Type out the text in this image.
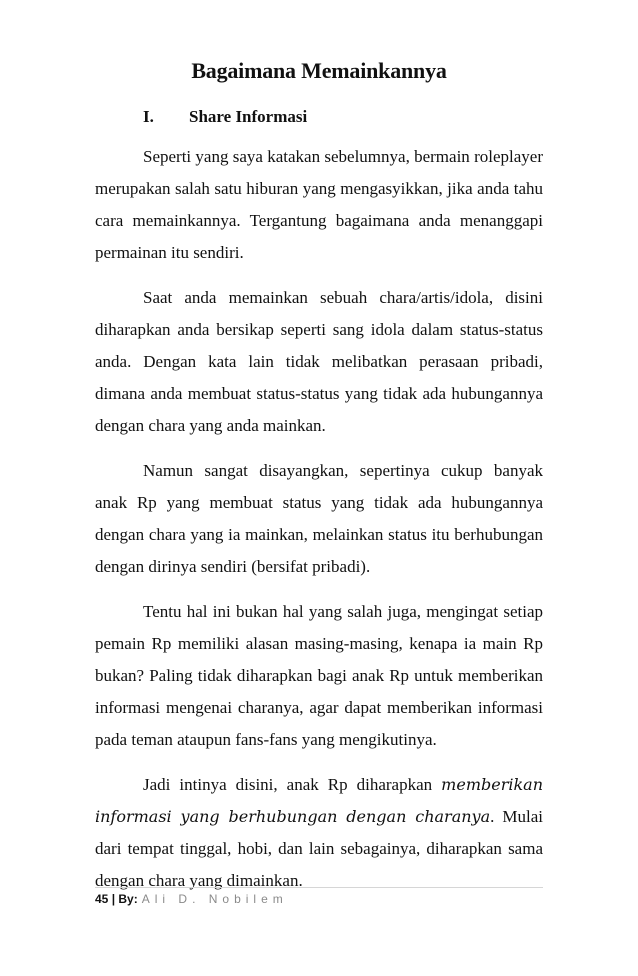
Bagaimana Memainkannya
I. Share Informasi

Seperti yang saya katakan sebelumnya, bermain roleplayer merupakan salah satu hiburan yang mengasyikkan, jika anda tahu cara memainkannya. Tergantung bagaimana anda menanggapi permainan itu sendiri.

Saat anda memainkan sebuah chara/artis/idola, disini diharapkan anda bersikap seperti sang idola dalam status-status anda. Dengan kata lain tidak melibatkan perasaan pribadi, dimana anda membuat status-status yang tidak ada hubungannya dengan chara yang anda mainkan.

Namun sangat disayangkan, sepertinya cukup banyak anak Rp yang membuat status yang tidak ada hubungannya dengan chara yang ia mainkan, melainkan status itu berhubungan dengan dirinya sendiri (bersifat pribadi).

Tentu hal ini bukan hal yang salah juga, mengingat setiap pemain Rp memiliki alasan masing-masing, kenapa ia main Rp bukan? Paling tidak diharapkan bagi anak Rp untuk memberikan informasi mengenai charanya, agar dapat memberikan informasi pada teman ataupun fans-fans yang mengikutinya.

Jadi intinya disini, anak Rp diharapkan memberikan informasi yang berhubungan dengan charanya. Mulai dari tempat tinggal, hobi, dan lain sebagainya, diharapkan sama dengan chara yang dimainkan.

45 | By: Ali D. Nobilem
